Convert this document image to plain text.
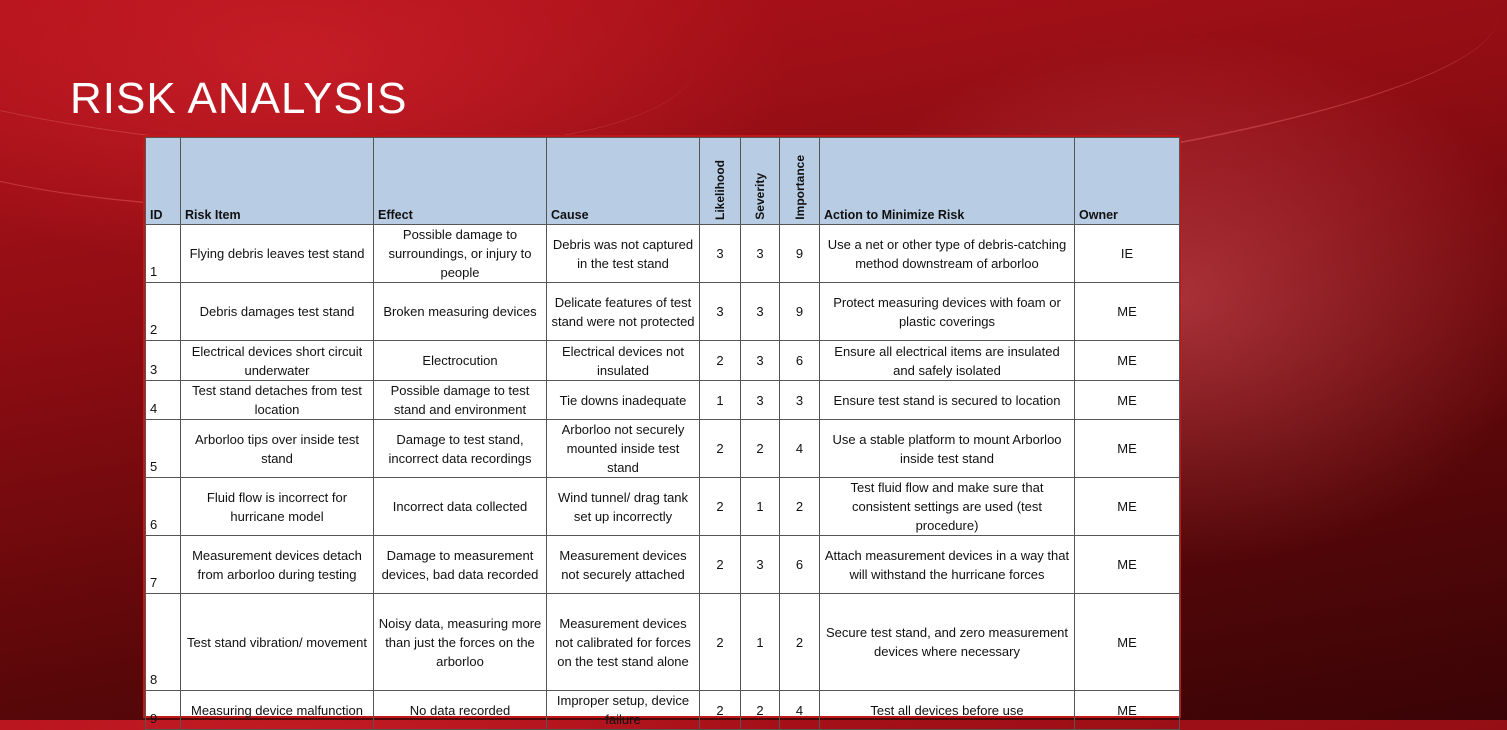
RISK ANALYSIS
ID	Risk Item	Effect	Cause	Likelihood	Severity	Importance	Action to Minimize Risk	Owner
1	Flying debris leaves test stand	Possible damage to surroundings, or injury to people	Debris was not captured in the test stand	3	3	9	Use a net or other type of debris-catching method downstream of arborloo	IE
2	Debris damages test stand	Broken measuring devices	Delicate features of test stand were not protected	3	3	9	Protect measuring devices with foam or plastic coverings	ME
3	Electrical devices short circuit underwater	Electrocution	Electrical devices not insulated	2	3	6	Ensure all electrical items are insulated and safely isolated	ME
4	Test stand detaches from test location	Possible damage to test stand and environment	Tie downs inadequate	1	3	3	Ensure test stand is secured to location	ME
5	Arborloo tips over inside test stand	Damage to test stand, incorrect data recordings	Arborloo not securely mounted inside test stand	2	2	4	Use a stable platform to mount Arborloo inside test stand	ME
6	Fluid flow is incorrect for hurricane model	Incorrect data collected	Wind tunnel/ drag tank set up incorrectly	2	1	2	Test fluid flow and make sure that consistent settings are used (test procedure)	ME
7	Measurement devices detach from arborloo during testing	Damage to measurement devices, bad data recorded	Measurement devices not securely attached	2	3	6	Attach measurement devices in a way that will withstand the hurricane forces	ME
8	Test stand vibration/ movement	Noisy data, measuring more than just the forces on the arborloo	Measurement devices not calibrated for forces on the test stand alone	2	1	2	Secure test stand, and zero measurement devices where necessary	ME
9	Measuring device malfunction	No data recorded	Improper setup, device failure	2	2	4	Test all devices before use	ME
